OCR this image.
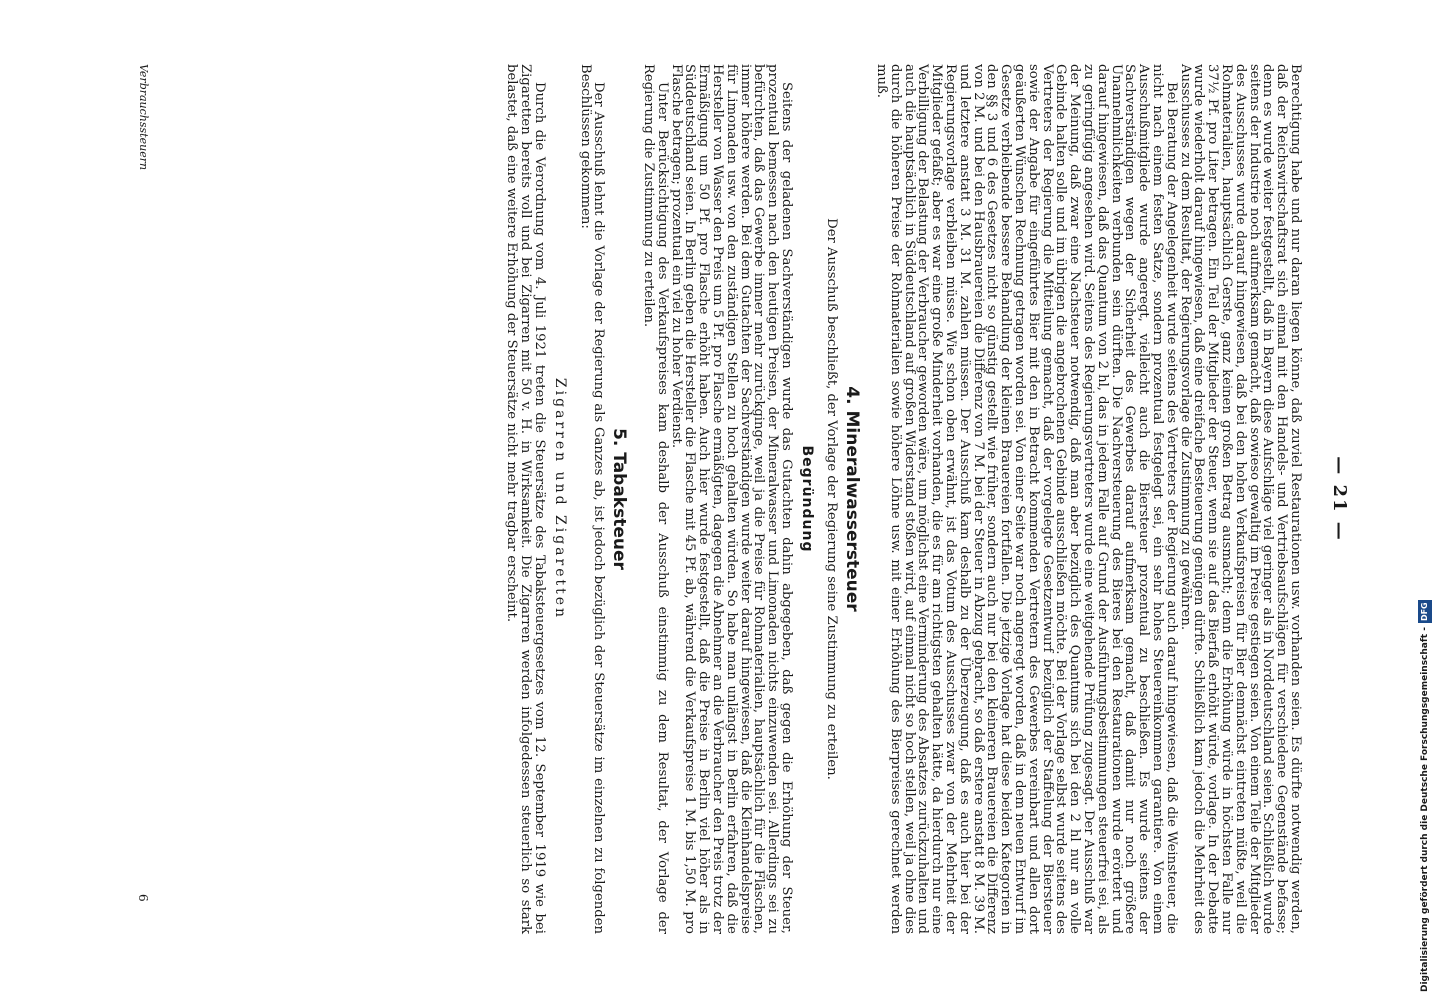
— 21 —

Berechtigung habe und nur daran liegen könne, daß zuviel Restaurationen usw. vorhanden seien. Es dürfte notwendig werden, daß der Reichswirtschaftsrat sich einmal mit den Handels- und Vertriebsaufschlägen für verschiedene Gegenstände befasse; denn es wurde weiter festgestellt, daß in Bayern diese Aufschläge viel geringer als in Norddeutschland seien. Schließlich wurde seitens der Industrie noch aufmerksam gemacht, daß sowieso gewaltig im Preise gestiegen seien. Von einem Teile der Mitglieder des Ausschusses wurde darauf hingewiesen, daß bei den hohen Verkaufspreisen für Bier demnächst eintreten müßte, weil die Rohmaterialien, hauptsächlich Gerste, ganz keinen großen Betrag ausmacht; denn die Erhöhung würde in höchsten Falle nur 37½ Pf. pro Liter betragen. Ein Teil der Mitglieder der Steuer, wenn sie auf das Bierfaß erhöht würde, vorlage. In der Debatte wurde wiederholt darauf hingewiesen, daß eine dreifache Besteuerung genügen dürfte. Schließlich kam jedoch die Mehrheit des Ausschusses zu dem Resultat, der Regierungsvorlage die Zustimmung zu gewähren.

Bei Beratung der Angelegenheit wurde seitens des Vertreters der Regierung auch darauf hingewiesen, daß die Weinsteuer, die nicht nach einem festen Satze, sondern prozentual festgelegt sei, ein sehr hohes Steuereinkommen garantiere. Von einem Ausschußmitgliede wurde angeregt, vielleicht auch die Biersteuer prozentual zu beschließen. Es wurde seitens der Sachverständigen wegen der Sicherheit des Gewerbes darauf aufmerksam gemacht, daß damit nur noch größere Unannehmlichkeiten verbunden sein dürften. Die Nachversteuerung des Bieres bei den Restaurationen wurde erörtert und darauf hingewiesen, daß das Quantum von 2 hl, das in jedem Falle auf Grund der Ausführungsbestimmungen steuerfrei sei, als zu geringfügig angesehen wird. Seitens des Regierungsvertreters wurde eine weitgehende Prüfung zugesagt. Der Ausschuß war der Meinung, daß zwar eine Nachsteuer notwendig, daß man aber bezüglich des Quantums sich bei den 2 hl nur an volle Gebinde halten solle und im übrigen die angebrochenen Gebinde ausschließen möchte. Bei der Vorlage selbst wurde seitens des Vertreters der Regierung die Mitteilung gemacht, daß der vorgelegte Gesetzentwurf bezüglich der Staffelung der Biersteuer sowie der Angabe für eingeführtes Bier mit den in Betracht kommenden Vertretern des Gewerbes vereinbart und allen dort geäußerten Wünschen Rechnung getragen worden sei. Von einer Seite war noch angeregt worden, daß in dem neuen Entwurf im Gesetze verbleibende bessere Behandlung der kleinen Brauereien fortfallen. Die jetzige Vorlage hat diese beiden Kategorien in den §§ 3 und 6 des Gesetzes nicht so günstig gestellt wie früher, sondern auch nur bei den kleineren Brauereien die Differenz von 2 M. und bei den Hausbrauereien die Differenz von 7 M. bei der Steuer in Abzug gebracht, so daß erstere anstatt 8 M. 39 M. und letztere anstatt 3 M. 31 M. zahlen müssen. Der Ausschuß kam deshalb zu der Überzeugung, daß es auch hier bei der Regierungsvorlage verbleiben müsse. Wie schon oben erwähnt, ist das Votum des Ausschusses zwar von der Mehrheit der Mitglieder gefaßt; aber es war eine große Minderheit vorhanden, die es für am richtigsten gehalten hätte, da hierdurch nur eine Verbilligung der Belastung der Verbraucher geworden wäre, um möglichst eine Verminderung des Absatzes zurückzuhalten und auch die hauptsächlich in Süddeutschland auf großen Widerstand stoßen wird, auf einmal nicht so hoch stellen, weil ja ohne dies durch die höheren Preise der Rohmaterialien sowie höhere Löhne usw. mit einer Erhöhung des Bierpreises gerechnet werden muß.

4. Mineralwassersteuer

Der Ausschuß beschließt, der Vorlage der Regierung seine Zustimmung zu erteilen.

Begründung

Seitens der geladenen Sachverständigen wurde das Gutachten dahin abgegeben, daß gegen die Erhöhung der Steuer, prozentual bemessen nach den heutigen Preisen, der Mineralwasser und Limonaden nichts einzuwenden sei. Allerdings sei zu befürchten, daß das Gewerbe immer mehr zurückginge, weil ja die Preise für Rohmaterialien, hauptsächlich für die Fläschen, immer höhere werden. Bei dem Gutachten der Sachverständigen wurde weiter darauf hingewiesen, daß die Kleinhandelspreise für Limonaden usw. von den zuständigen Stellen zu hoch gehalten würden. So habe man unlängst in Berlin erfahren, daß die Hersteller von Wasser den Preis um 5 Pf. pro Flasche ermäßigten, dagegen die Abnehmer an die Verbraucher den Preis trotz der Ermäßigung um 50 Pf. pro Flasche erhöht haben. Auch hier wurde festgestellt, daß die Preise in Berlin viel höher als in Süddeutschland seien. In Berlin geben die Hersteller die Flasche mit 45 Pf. ab, während die Verkaufspreise 1 M. bis 1,50 M. pro Flasche betragen; prozentual ein viel zu hoher Verdienst.

Unter Berücksichtigung des Verkaufspreises kam deshalb der Ausschuß einstimmig zu dem Resultat, der Vorlage der Regierung die Zustimmung zu erteilen.

5. Tabaksteuer

Der Ausschuß lehnt die Vorlage der Regierung als Ganzes ab, ist jedoch bezüglich der Steuersätze im einzelnen zu folgenden Beschlüssen gekommen:

Zigarren und Zigaretten

Durch die Verordnung vom 4. Juli 1921 treten die Steuersätze des Tabaksteuergesetzes vom 12. September 1919 wie bei Zigaretten bereits voll und bei Zigarren mit 50 v. H. in Wirksamkeit. Die Zigarren werden infolgedessen steuerlich so stark belastet, daß eine weitere Erhöhung der Steuersätze nicht mehr tragbar erscheint.

Verbrauchssteuern
6	Digitalisierung gefördert durch die Deutsche Forschungsgemeinschaft -DFG
